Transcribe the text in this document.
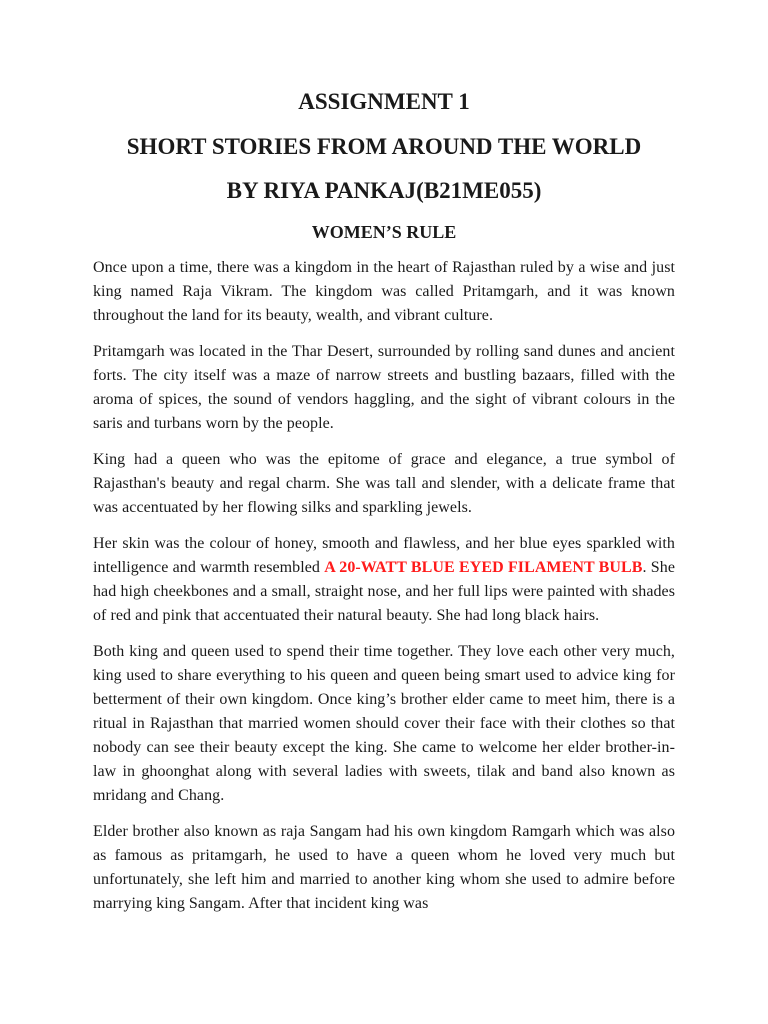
ASSIGNMENT 1
SHORT STORIES FROM AROUND THE WORLD
BY RIYA PANKAJ(B21ME055)
WOMEN’S RULE

Once upon a time, there was a kingdom in the heart of Rajasthan ruled by a wise and just king named Raja Vikram. The kingdom was called Pritamgarh, and it was known throughout the land for its beauty, wealth, and vibrant culture.

Pritamgarh was located in the Thar Desert, surrounded by rolling sand dunes and ancient forts. The city itself was a maze of narrow streets and bustling bazaars, filled with the aroma of spices, the sound of vendors haggling, and the sight of vibrant colours in the saris and turbans worn by the people.

King had a queen who was the epitome of grace and elegance, a true symbol of Rajasthan's beauty and regal charm. She was tall and slender, with a delicate frame that was accentuated by her flowing silks and sparkling jewels.

Her skin was the colour of honey, smooth and flawless, and her blue eyes sparkled with intelligence and warmth resembled A 20-WATT BLUE EYED FILAMENT BULB. She had high cheekbones and a small, straight nose, and her full lips were painted with shades of red and pink that accentuated their natural beauty. She had long black hairs.

Both king and queen used to spend their time together. They love each other very much, king used to share everything to his queen and queen being smart used to advice king for betterment of their own kingdom. Once king’s brother elder came to meet him, there is a ritual in Rajasthan that married women should cover their face with their clothes so that nobody can see their beauty except the king. She came to welcome her elder brother-in-law in ghoonghat along with several ladies with sweets, tilak and band also known as mridang and Chang.

Elder brother also known as raja Sangam had his own kingdom Ramgarh which was also as famous as pritamgarh, he used to have a queen whom he loved very much but unfortunately, she left him and married to another king whom she used to admire before marrying king Sangam. After that incident king was
